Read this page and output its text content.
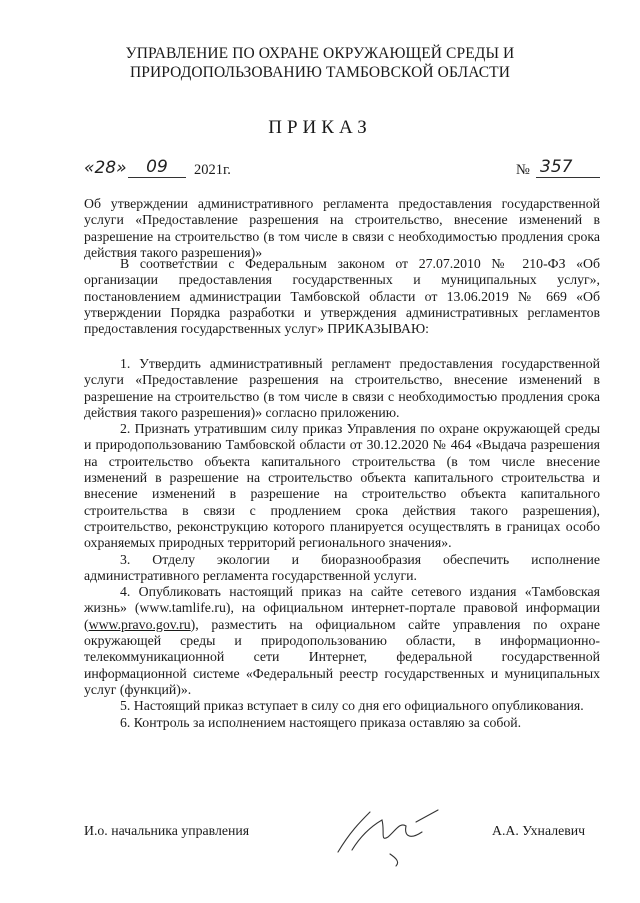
УПРАВЛЕНИЕ ПО ОХРАНЕ ОКРУЖАЮЩЕЙ СРЕДЫ И
ПРИРОДОПОЛЬЗОВАНИЮ ТАМБОВСКОЙ ОБЛАСТИ
ПРИКАЗ
«28»	09	2021г.	№ 357
Об утверждении административного регламента предоставления государственной услуги «Предоставление разрешения на строительство, внесение изменений в разрешение на строительство (в том числе в связи с необходимостью продления срока действия такого разрешения)»
В соответствии с Федеральным законом от 27.07.2010 № 210-ФЗ «Об организации предоставления государственных и муниципальных услуг», постановлением администрации Тамбовской области от 13.06.2019 № 669 «Об утверждении Порядка разработки и утверждения административных регламентов предоставления государственных услуг» ПРИКАЗЫВАЮ:

1. Утвердить административный регламент предоставления государственной услуги «Предоставление разрешения на строительство, внесение изменений в разрешение на строительство (в том числе в связи с необходимостью продления срока действия такого разрешения)» согласно приложению.

2. Признать утратившим силу приказ Управления по охране окружающей среды и природопользованию Тамбовской области от 30.12.2020 № 464 «Выдача разрешения на строительство объекта капитального строительства (в том числе внесение изменений в разрешение на строительство объекта капитального строительства и внесение изменений в разрешение на строительство объекта капитального строительства в связи с продлением срока действия такого разрешения), строительство, реконструкцию которого планируется осуществлять в границах особо охраняемых природных территорий регионального значения».

3. Отделу экологии и биоразнообразия обеспечить исполнение административного регламента государственной услуги.

4. Опубликовать настоящий приказ на сайте сетевого издания «Тамбовская жизнь» (www.tamlife.ru), на официальном интернет-портале правовой информации (www.pravo.gov.ru), разместить на официальном сайте управления по охране окружающей среды и природопользованию области, в информационно-телекоммуникационной сети Интернет, федеральной государственной информационной системе «Федеральный реестр государственных и муниципальных услуг (функций)».

5. Настоящий приказ вступает в силу со дня его официального опубликования.

6. Контроль за исполнением настоящего приказа оставляю за собой.

И.о. начальника управления	А.А. Ухналевич
